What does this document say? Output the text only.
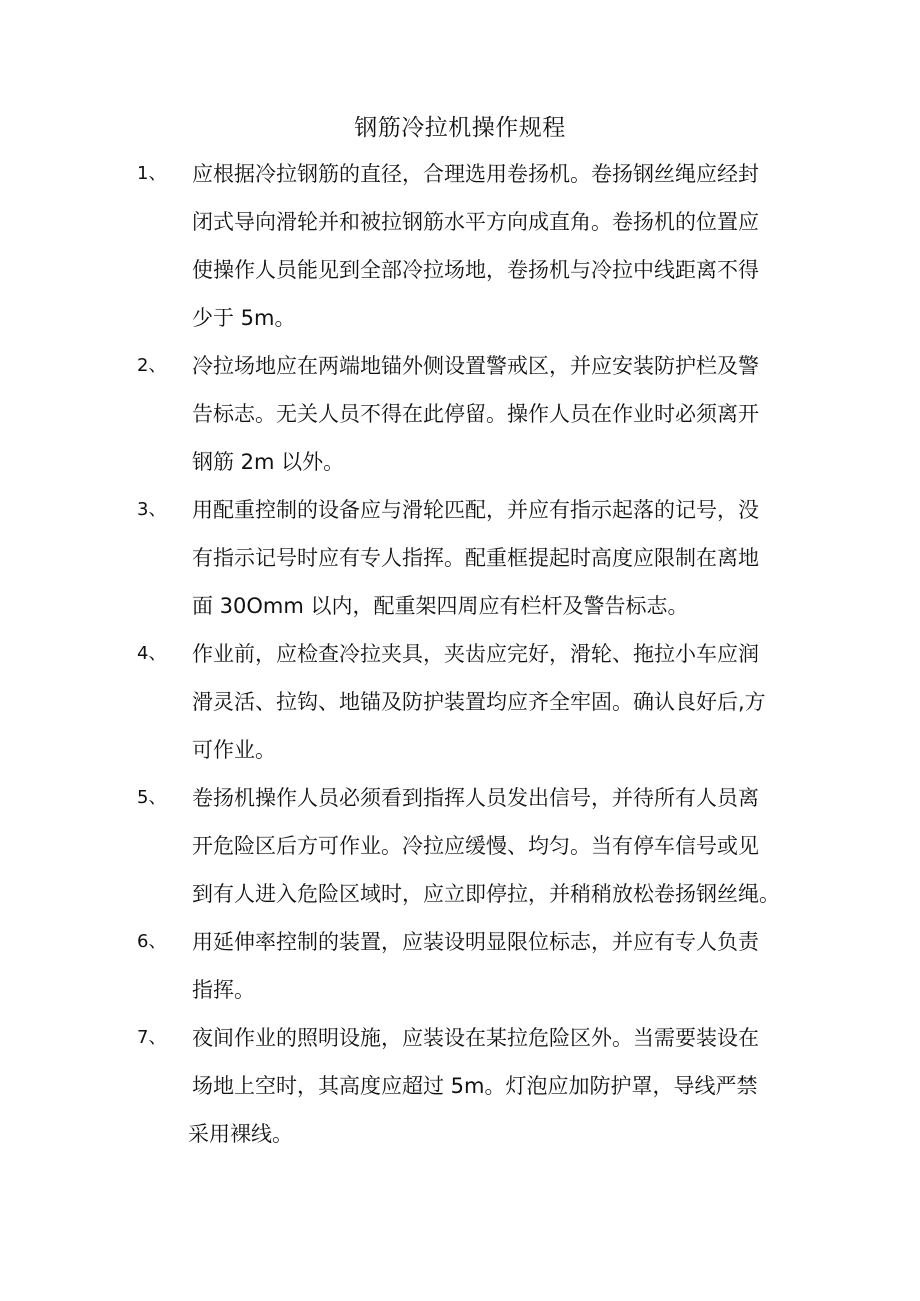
钢筋冷拉机操作规程
1、	应根据冷拉钢筋的直径，合理选用卷扬机。卷扬钢丝绳应经封
闭式导向滑轮并和被拉钢筋水平方向成直角。卷扬机的位置应
使操作人员能见到全部冷拉场地，卷扬机与冷拉中线距离不得
少于 5m。
2、	冷拉场地应在两端地锚外侧设置警戒区，并应安装防护栏及警
告标志。无关人员不得在此停留。操作人员在作业时必须离开
钢筋 2m 以外。
3、	用配重控制的设备应与滑轮匹配，并应有指示起落的记号，没
有指示记号时应有专人指挥。配重框提起时高度应限制在离地
面 30Omm 以内，配重架四周应有栏杆及警告标志。
4、	作业前，应检查冷拉夹具，夹齿应完好，滑轮、拖拉小车应润
滑灵活、拉钩、地锚及防护装置均应齐全牢固。确认良好后,方
可作业。
5、	卷扬机操作人员必须看到指挥人员发出信号，并待所有人员离
开危险区后方可作业。冷拉应缓慢、均匀。当有停车信号或见
到有人进入危险区域时，应立即停拉，并稍稍放松卷扬钢丝绳。
6、	用延伸率控制的装置，应装设明显限位标志，并应有专人负责
指挥。
7、	夜间作业的照明设施，应装设在某拉危险区外。当需要装设在
场地上空时，其高度应超过 5m。灯泡应加防护罩，导线严禁
采用裸线。
